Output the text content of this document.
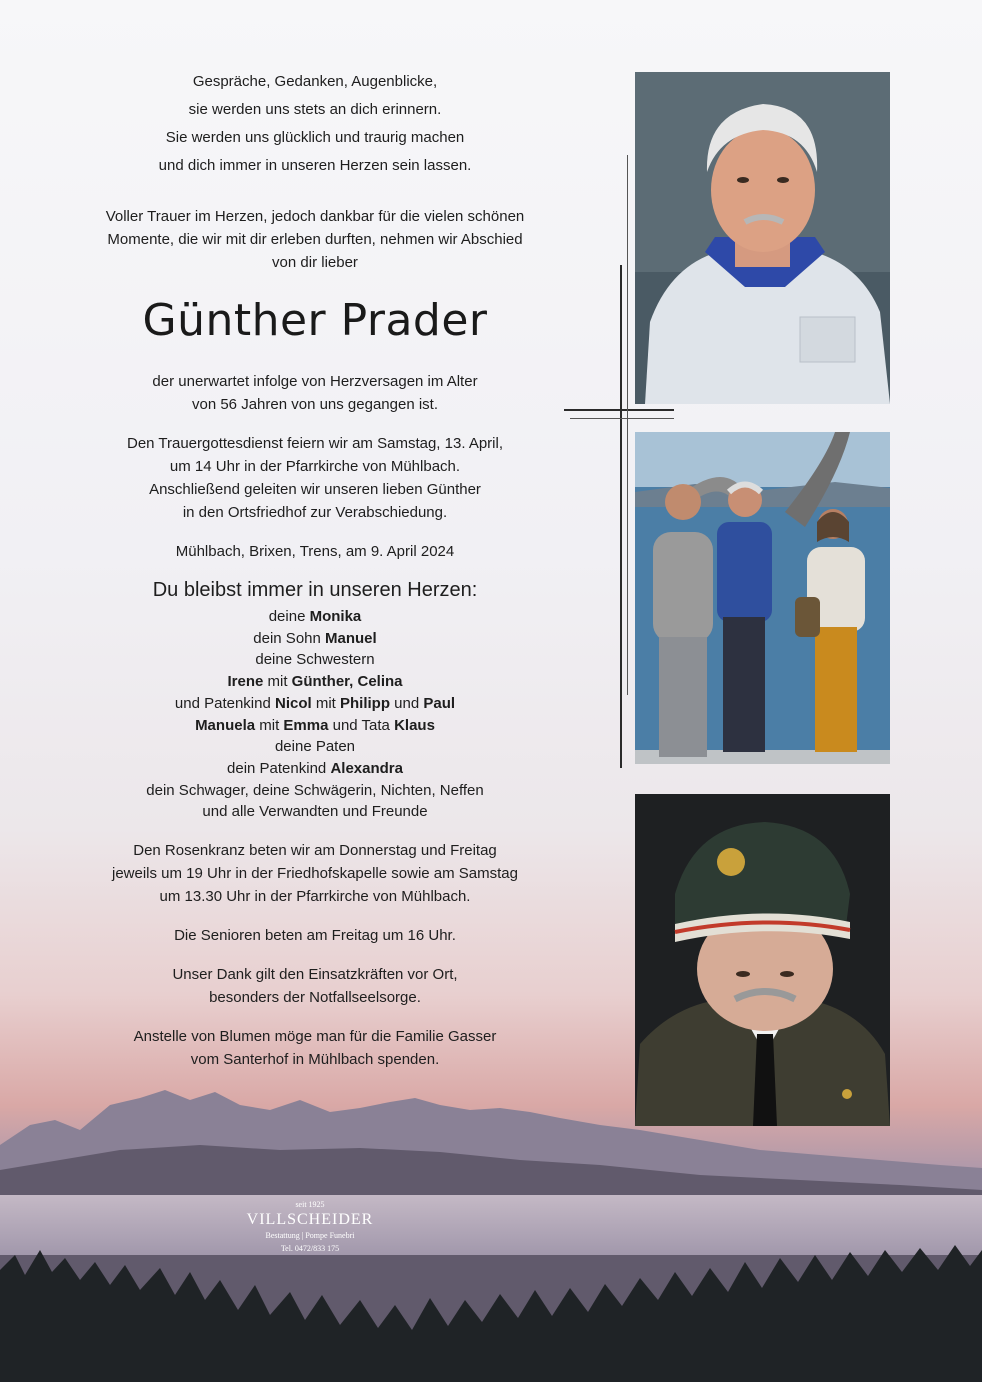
Gespräche, Gedanken, Augenblicke,

sie werden uns stets an dich erinnern.

Sie werden uns glücklich und traurig machen

und dich immer in unseren Herzen sein lassen.

Voller Trauer im Herzen, jedoch dankbar für die vielen schönen
Momente, die wir mit dir erleben durften, nehmen wir Abschied
von dir lieber
Günther Prader
der unerwartet infolge von Herzversagen im Alter
von 56 Jahren von uns gegangen ist.
Den Trauergottesdienst feiern wir am Samstag, 13. April,
um 14 Uhr in der Pfarrkirche von Mühlbach.
Anschließend geleiten wir unseren lieben Günther
in den Ortsfriedhof zur Verabschiedung.
Mühlbach, Brixen, Trens, am 9. April 2024
Du bleibst immer in unseren Herzen:
deine Monika
dein Sohn Manuel
deine Schwestern
Irene mit Günther, Celina
und Patenkind Nicol mit Philipp und Paul
Manuela mit Emma und Tata Klaus
deine Paten
dein Patenkind Alexandra
dein Schwager, deine Schwägerin, Nichten, Neffen
und alle Verwandten und Freunde
Den Rosenkranz beten wir am Donnerstag und Freitag
jeweils um 19 Uhr in der Friedhofskapelle sowie am Samstag
um 13.30 Uhr in der Pfarrkirche von Mühlbach.
Die Senioren beten am Freitag um 16 Uhr.
Unser Dank gilt den Einsatzkräften vor Ort,
besonders der Notfallseelsorge.
Anstelle von Blumen möge man für die Familie Gasser
vom Santerhof in Mühlbach spenden.
seit 1925
VILLSCHEIDER
Bestattung | Pompe Funebri
Tel. 0472/833 175
